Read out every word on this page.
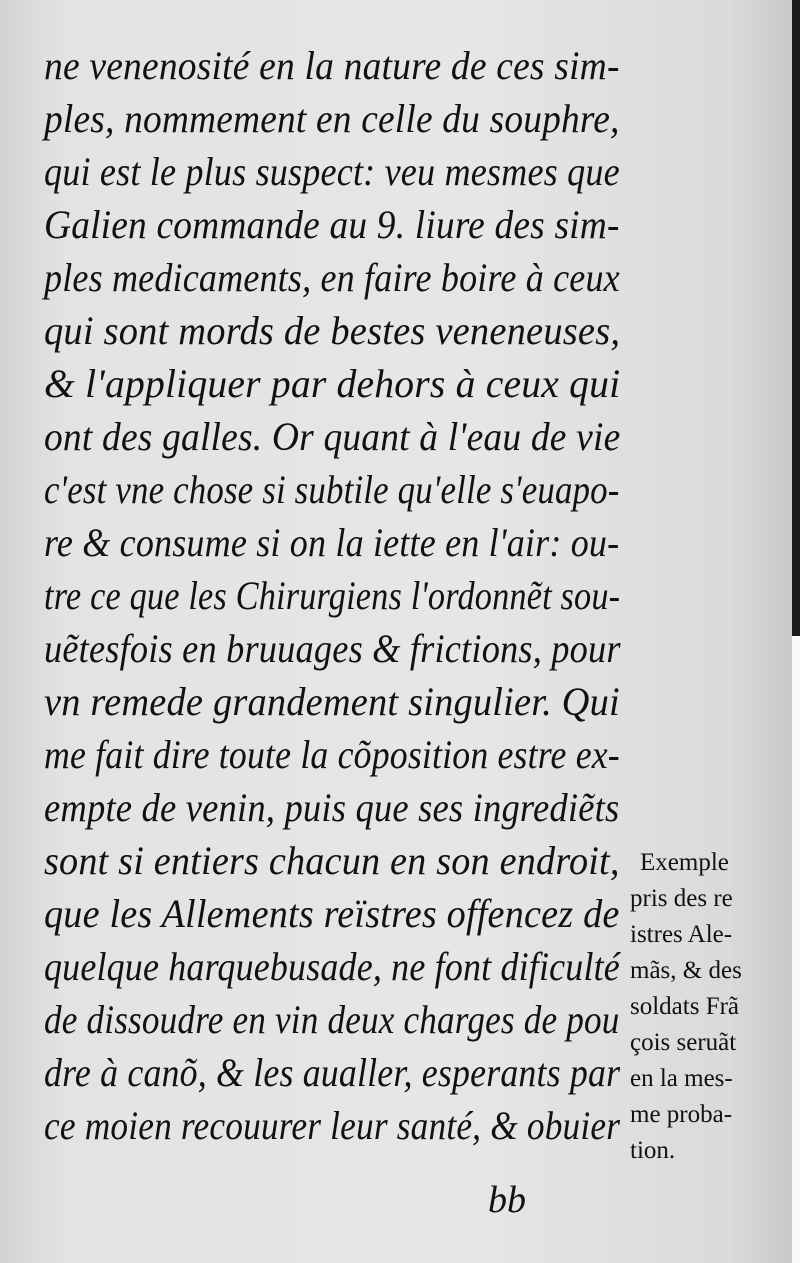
ne venenosité en la nature de ces sim-
ples, nommement en celle du souphre,
qui est le plus suspect: veu mesmes que
Galien commande au 9. liure des sim-
ples medicaments, en faire boire à ceux
qui sont mords de bestes veneneuses,
& l'appliquer par dehors à ceux qui
ont des galles. Or quant à l'eau de vie
c'est vne chose si subtile qu'elle s'euapo-
re & consume si on la iette en l'air: ou-
tre ce que les Chirurgiens l'ordonnẽt sou-
uẽtesfois en bruuages & frictions, pour
vn remede grandement singulier. Qui
me fait dire toute la cõposition estre ex-
empte de venin, puis que ses ingrediẽts
sont si entiers chacun en son endroit,
que les Allements reïstres offencez de
quelque harquebusade, ne font dificulté
de dissoudre en vin deux charges de pou
dre à canõ, & les aualler, esperants par
ce moien recouurer leur santé, & obuier
Exemple
pris des re
istres Ale-
mãs, & des
soldats Frã
çois seruãt
en la mes-
me proba-
tion.
bb
